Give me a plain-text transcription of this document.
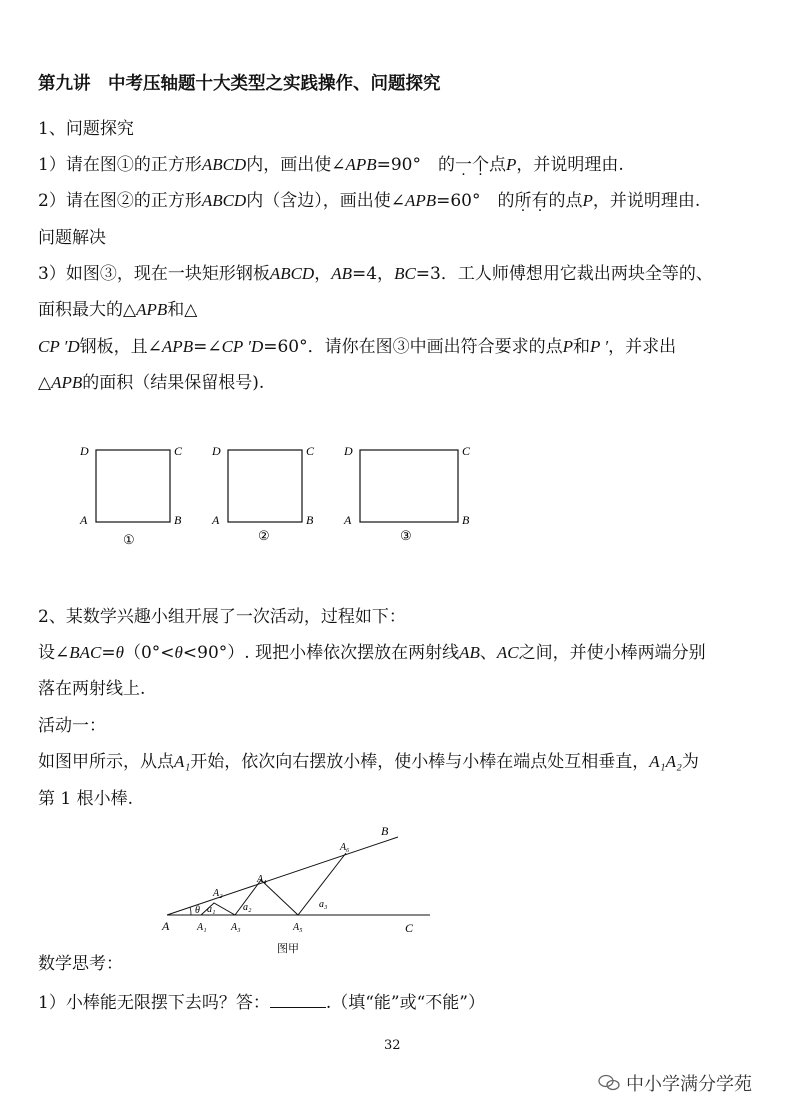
第九讲　中考压轴题十大类型之实践操作、问题探究
1、问题探究
1）请在图①的正方形ABCD内，画出使∠APB=90°　的一个点P，并说明理由.
2）请在图②的正方形ABCD内（含边），画出使∠APB=60°　的所有的点P，并说明理由.
问题解决
3）如图③，现在一块矩形钢板ABCD，AB=4，BC=3．工人师傅想用它裁出两块全等的、
面积最大的△APB和△
CP ′D钢板，且∠APB=∠CP ′D=60°．请你在图③中画出符合要求的点P和P ′，并求出
△APB的面积（结果保留根号).
D	C
A	B
①
D	C
A	B
②
D	C
A	B
③
2、某数学兴趣小组开展了一次活动，过程如下：
设∠BAC=θ（0°<θ<90°）. 现把小棒依次摆放在两射线AB、AC之间，并使小棒两端分别
落在两射线上.
活动一：
如图甲所示，从点A₁开始，依次向右摆放小棒，使小棒与小棒在端点处互相垂直，A₁A₂为
第 1 根小棒.
B
C
A	A₁
A₂
A₃
A₄
A₅
A₆
θ a₁	a₂	a₃
图甲
数学思考：
1）小棒能无限摆下去吗？答：	.（填“能”或“不能”）
32
中小学满分学苑
